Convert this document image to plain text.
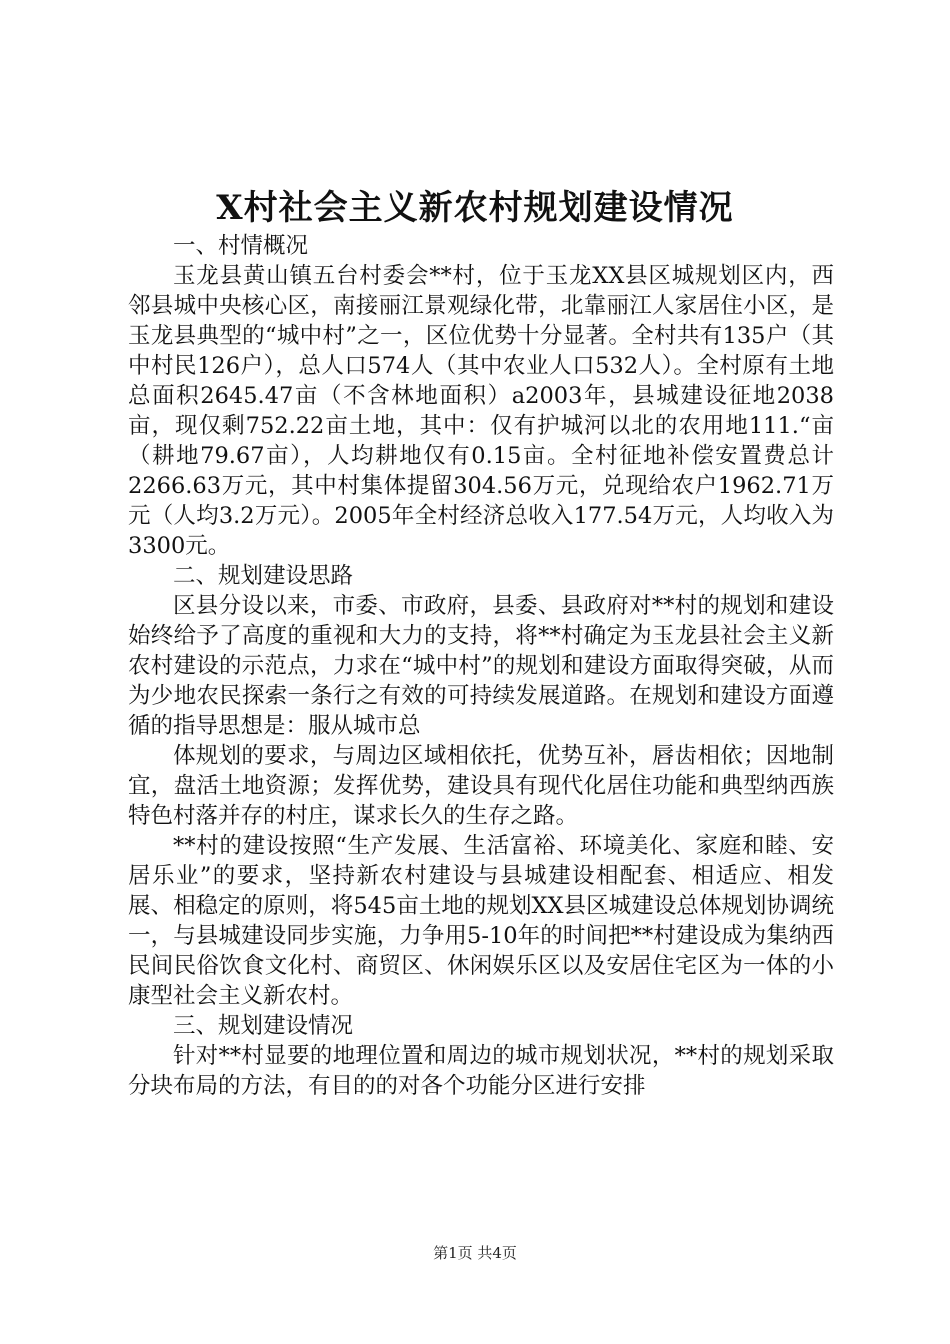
X村社会主义新农村规划建设情况

一、村情概况

玉龙县黄山镇五台村委会**村，位于玉龙XX县区城规划区内，西邻县城中央核心区，南接丽江景观绿化带，北靠丽江人家居住小区，是玉龙县典型的“城中村”之一，区位优势十分显著。全村共有135户（其中村民126户），总人口574人（其中农业人口532人）。全村原有土地总面积2645.47亩（不含林地面积）a2003年，县城建设征地2038亩，现仅剩752.22亩土地，其中：仅有护城河以北的农用地111.“亩（耕地79.67亩），人均耕地仅有0.15亩。全村征地补偿安置费总计2266.63万元，其中村集体提留304.56万元，兑现给农户1962.71万元（人均3.2万元）。2005年全村经济总收入177.54万元，人均收入为3300元。

二、规划建设思路

区县分设以来，市委、市政府，县委、县政府对**村的规划和建设始终给予了高度的重视和大力的支持，将**村确定为玉龙县社会主义新农村建设的示范点，力求在“城中村”的规划和建设方面取得突破，从而为少地农民探索一条行之有效的可持续发展道路。在规划和建设方面遵循的指导思想是：服从城市总

体规划的要求，与周边区域相依托，优势互补，唇齿相依；因地制宜，盘活土地资源；发挥优势，建设具有现代化居住功能和典型纳西族特色村落并存的村庄，谋求长久的生存之路。

**村的建设按照“生产发展、生活富裕、环境美化、家庭和睦、安居乐业”的要求，坚持新农村建设与县城建设相配套、相适应、相发展、相稳定的原则，将545亩土地的规划XX县区城建设总体规划协调统一，与县城建设同步实施，力争用5-10年的时间把**村建设成为集纳西民间民俗饮食文化村、商贸区、休闲娱乐区以及安居住宅区为一体的小康型社会主义新农村。

三、规划建设情况

针对**村显要的地理位置和周边的城市规划状况，**村的规划采取分块布局的方法，有目的的对各个功能分区进行安排

第1页 共4页
